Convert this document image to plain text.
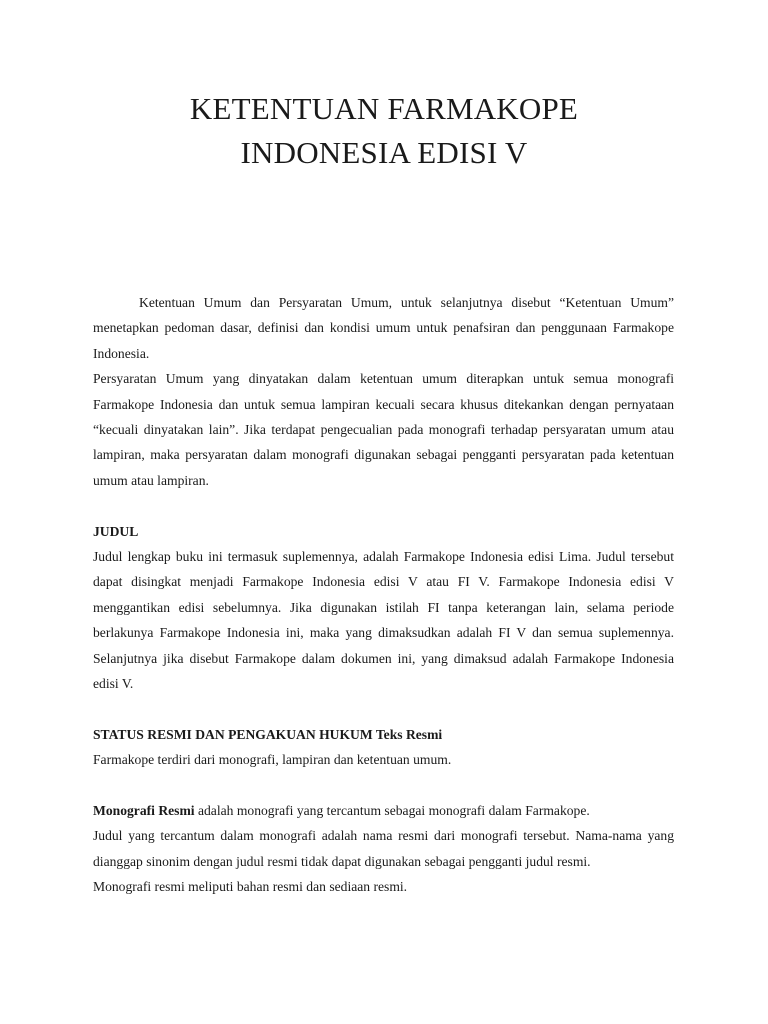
KETENTUAN FARMAKOPE
INDONESIA EDISI V

Ketentuan Umum dan Persyaratan Umum, untuk selanjutnya disebut “Ketentuan Umum” menetapkan pedoman dasar, definisi dan kondisi umum untuk penafsiran dan penggunaan Farmakope Indonesia.

Persyaratan Umum yang dinyatakan dalam ketentuan umum diterapkan untuk semua monografi Farmakope Indonesia dan untuk semua lampiran kecuali secara khusus ditekankan dengan pernyataan “kecuali dinyatakan lain”. Jika terdapat pengecualian pada monografi terhadap persyaratan umum atau lampiran, maka persyaratan dalam monografi digunakan sebagai pengganti persyaratan pada ketentuan umum atau lampiran.

JUDUL

Judul lengkap buku ini termasuk suplemennya, adalah Farmakope Indonesia edisi Lima. Judul tersebut dapat disingkat menjadi Farmakope Indonesia edisi V atau FI V. Farmakope Indonesia edisi V menggantikan edisi sebelumnya. Jika digunakan istilah FI tanpa keterangan lain, selama periode berlakunya Farmakope Indonesia ini, maka yang dimaksudkan adalah FI V dan semua suplemennya. Selanjutnya jika disebut Farmakope dalam dokumen ini, yang dimaksud adalah Farmakope Indonesia edisi V.

STATUS RESMI DAN PENGAKUAN HUKUM Teks Resmi

Farmakope terdiri dari monografi, lampiran dan ketentuan umum.

Monografi Resmi adalah monografi yang tercantum sebagai monografi dalam Farmakope.

Judul yang tercantum dalam monografi adalah nama resmi dari monografi tersebut. Nama-nama yang dianggap sinonim dengan judul resmi tidak dapat digunakan sebagai pengganti judul resmi.

Monografi resmi meliputi bahan resmi dan sediaan resmi.
